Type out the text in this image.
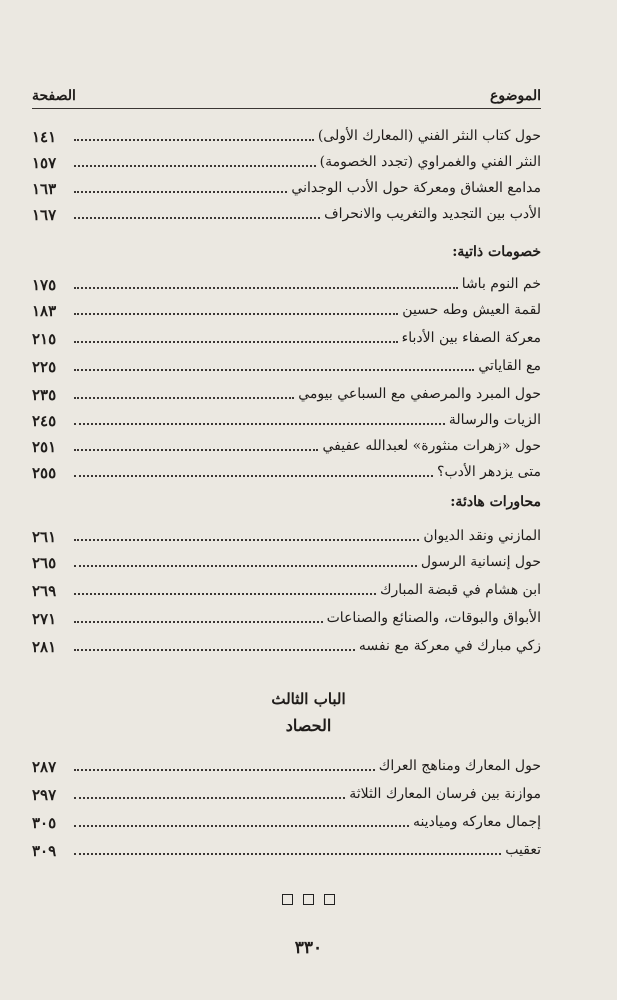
الصفحة	الموضوع
١٤١	حول كتاب النثر الفني (المعارك الأولى)
١٥٧	النثر الفني والغمراوي (تجدد الخصومة)
١٦٣	مدامع العشاق ومعركة حول الأدب الوجداني
١٦٧	الأدب بين التجديد والتغريب والانحراف
خصومات ذاتية:
١٧٥	خم النوم باشا
١٨٣	لقمة العيش وطه حسين
٢١٥	معركة الصفاء بين الأدباء
٢٢٥	مع القاياتي
٢٣٥	حول المبرد والمرصفي مع السباعي بيومي
٢٤٥	الزيات والرسالة
٢٥١	حول «زهرات منثورة» لعبدالله عفيفي
٢٥٥	متى يزدهر الأدب؟
محاورات هادئة:
٢٦١	المازني ونقد الديوان
٢٦٥	حول إنسانية الرسول
٢٦٩	ابن هشام في قبضة المبارك
٢٧١	الأبواق والبوقات، والصنائع والصناعات
٢٨١	زكي مبارك في معركة مع نفسه
الباب الثالث
الحصاد
٢٨٧	حول المعارك ومناهج العراك
٢٩٧	موازنة بين فرسان المعارك الثلاثة
٣٠٥	إجمال معاركه وميادينه
٣٠٩	تعقيب
٣٣٠
